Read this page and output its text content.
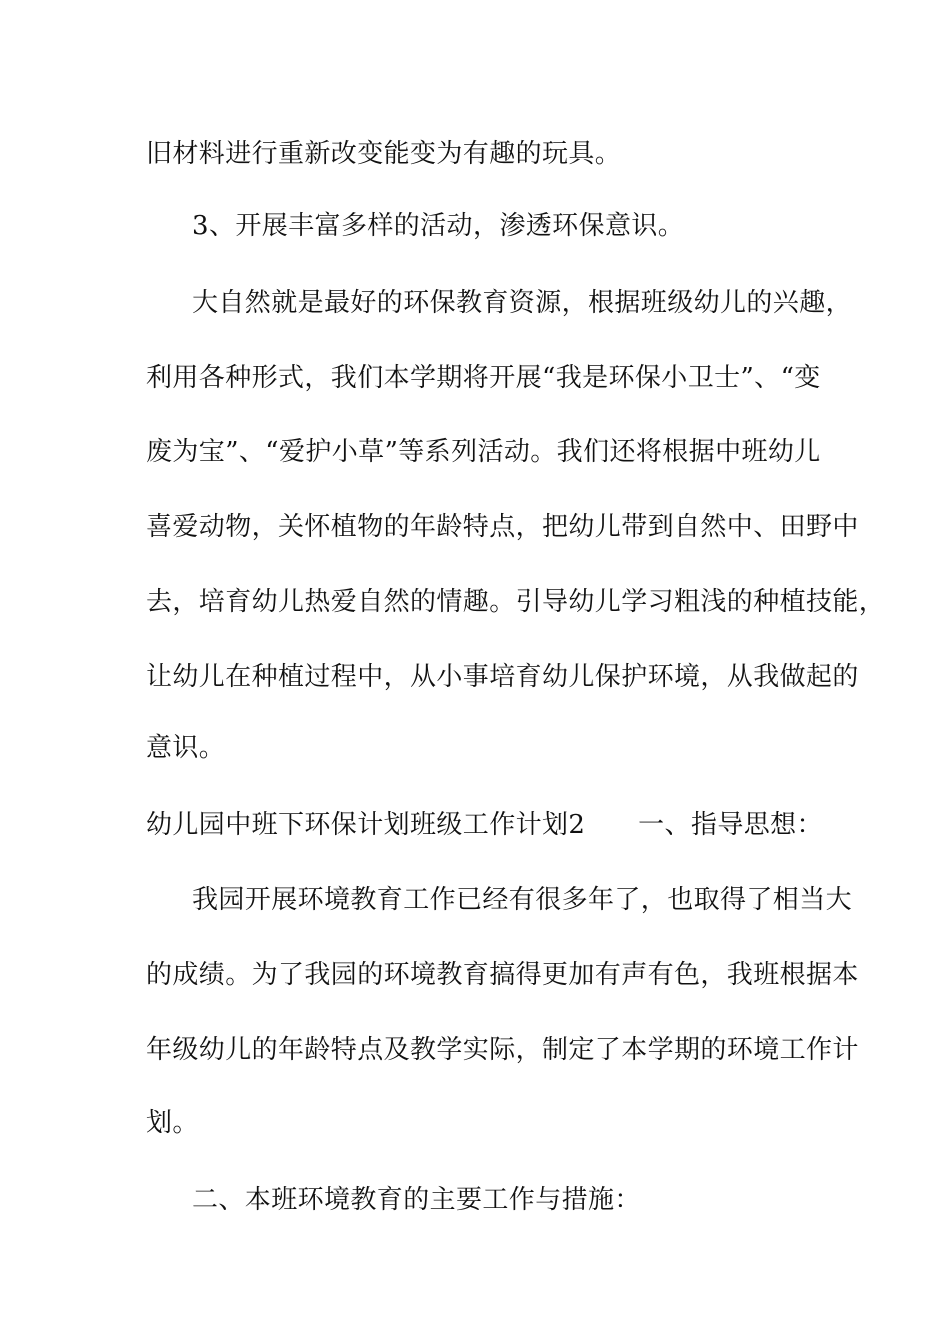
旧材料进行重新改变能变为有趣的玩具。
3、开展丰富多样的活动，渗透环保意识。
大自然就是最好的环保教育资源，根据班级幼儿的兴趣，
利用各种形式，我们本学期将开展“我是环保小卫士”、“变
废为宝”、“爱护小草”等系列活动。我们还将根据中班幼儿
喜爱动物，关怀植物的年龄特点，把幼儿带到自然中、田野中
去，培育幼儿热爱自然的情趣。引导幼儿学习粗浅的种植技能，
让幼儿在种植过程中，从小事培育幼儿保护环境，从我做起的
意识。
幼儿园中班下环保计划班级工作计划2　　一、指导思想：
我园开展环境教育工作已经有很多年了，也取得了相当大
的成绩。为了我园的环境教育搞得更加有声有色，我班根据本
年级幼儿的年龄特点及教学实际，制定了本学期的环境工作计
划。
二、本班环境教育的主要工作与措施：
